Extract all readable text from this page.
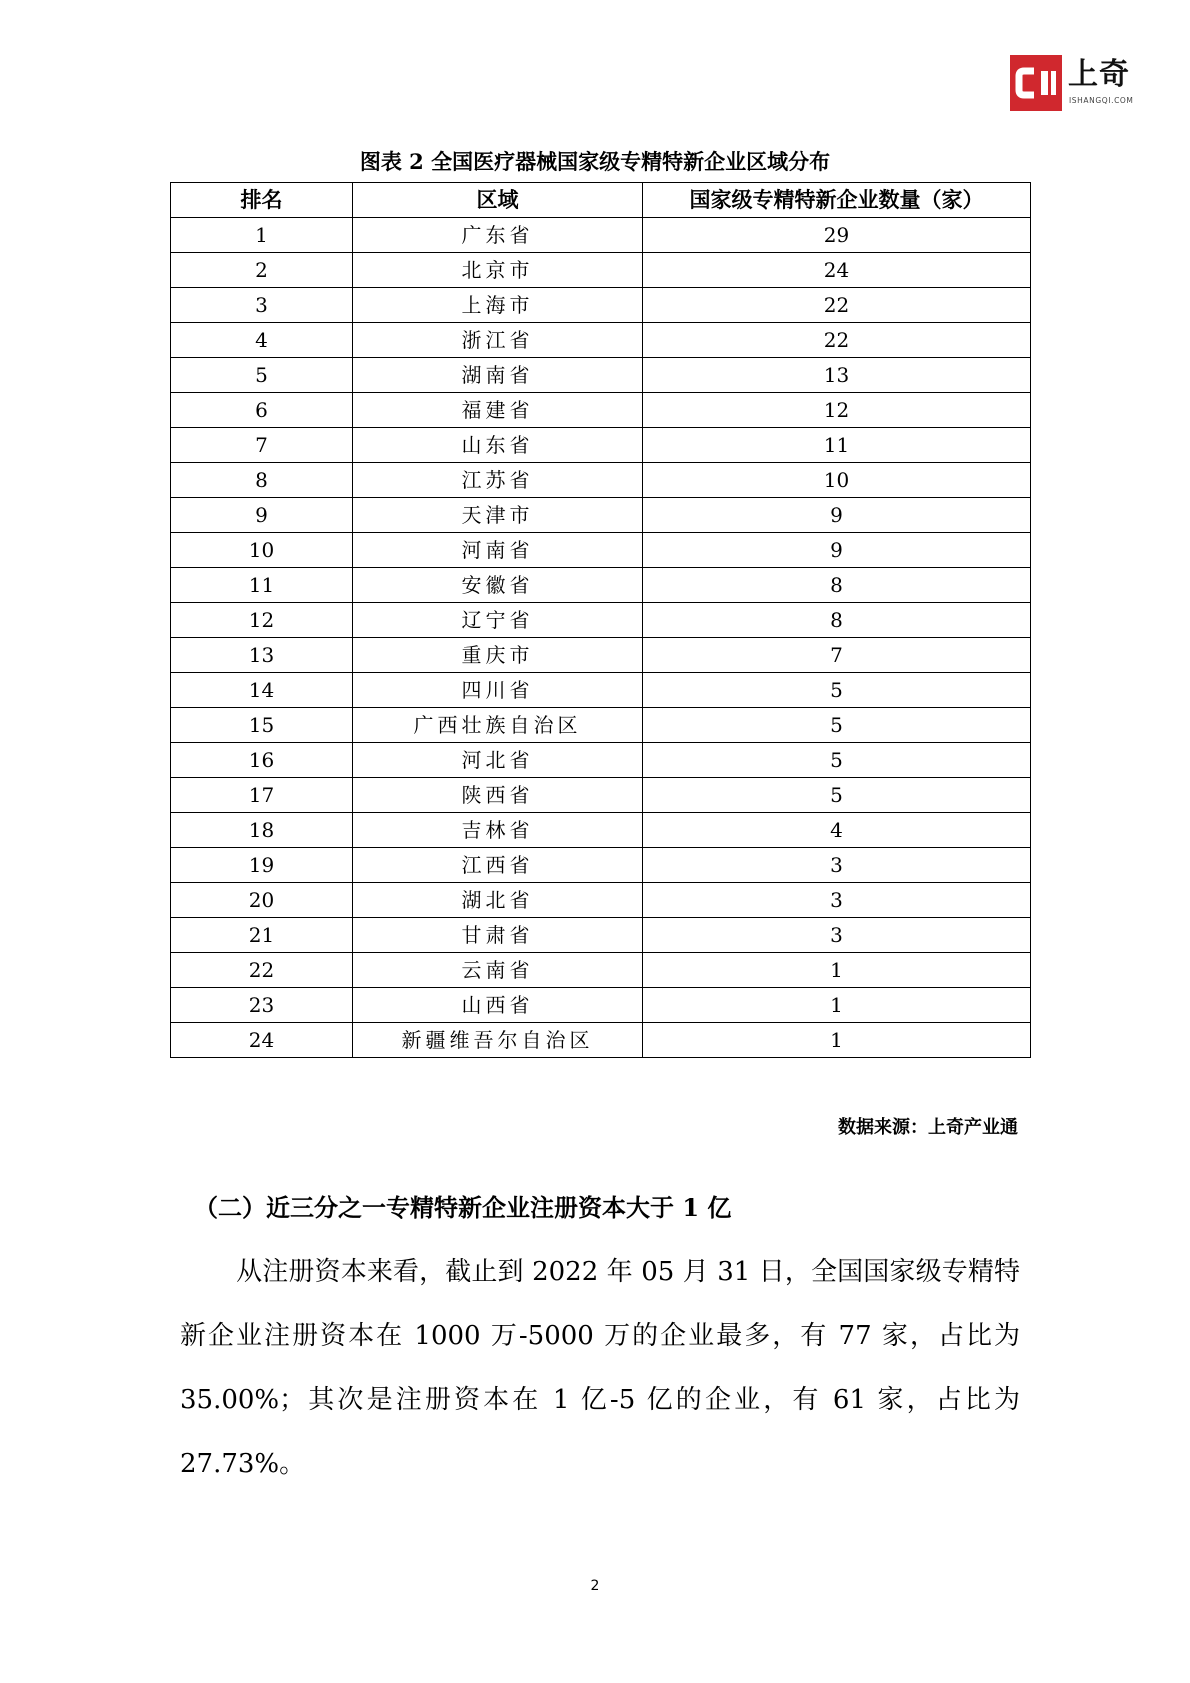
上奇
ISHANGQI.COM
图表 2 全国医疗器械国家级专精特新企业区域分布
排名	区域	国家级专精特新企业数量（家）
1	广东省	29
2	北京市	24
3	上海市	22
4	浙江省	22
5	湖南省	13
6	福建省	12
7	山东省	11
8	江苏省	10
9	天津市	9
10	河南省	9
11	安徽省	8
12	辽宁省	8
13	重庆市	7
14	四川省	5
15	广西壮族自治区	5
16	河北省	5
17	陕西省	5
18	吉林省	4
19	江西省	3
20	湖北省	3
21	甘肃省	3
22	云南省	1
23	山西省	1
24	新疆维吾尔自治区	1
数据来源：上奇产业通
（二）近三分之一专精特新企业注册资本大于 1 亿
从注册资本来看，截止到 2022 年 05 月 31 日，全国国家级专精特新企业注册资本在 1000 万-5000 万的企业最多，有 77 家，占比为 35.00%；其次是注册资本在 1 亿-5 亿的企业，有 61 家，占比为 27.73%。
2
